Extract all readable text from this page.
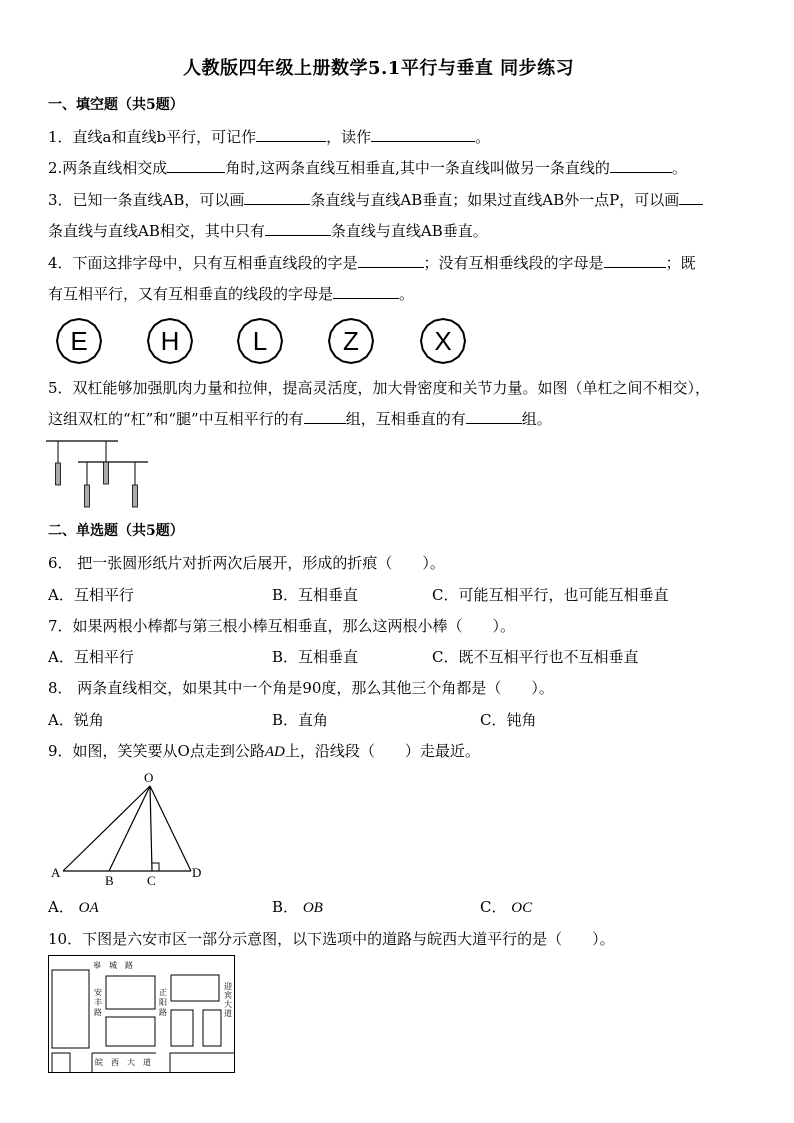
人教版四年级上册数学5.1平行与垂直 同步练习
一、填空题（共5题）
1．直线a和直线b平行，可记作	，读作	。
2.两条直线相交成	角时,这两条直线互相垂直,其中一条直线叫做另一条直线的	。
3．已知一条直线AB，可以画	条直线与直线AB垂直；如果过直线AB外一点P，可以画
条直线与直线AB相交，其中只有	条直线与直线AB垂直。
4．下面这排字母中，只有互相垂直线段的字是	；没有互相垂线段的字母是	；既
有互相平行，又有互相垂直的线段的字母是	。
E	H	L	Z	X
5．双杠能够加强肌肉力量和拉伸，提高灵活度，加大骨密度和关节力量。如图（单杠之间不相交），
这组双杠的“杠”和“腿”中互相平行的有	组，互相垂直的有	组。
二、单选题（共5题）
6． 把一张圆形纸片对折两次后展开，形成的折痕（　　）。
A．互相平行	B．互相垂直	C．可能互相平行，也可能互相垂直
7．如果两根小棒都与第三根小棒互相垂直，那么这两根小棒（　　）。
A．互相平行	B．互相垂直	C．既不互相平行也不互相垂直
8． 两条直线相交，如果其中一个角是90度，那么其他三个角都是（　　）。
A．锐角	B．直角	C．钝角
9．如图，笑笑要从O点走到公路AD上，沿线段（　　）走最近。
O
A
B	C
D
A． OA	B． OB	C． OC
10．下图是六安市区一部分示意图，以下选项中的道路与皖西大道平行的是（　　）。
皋　城　路
皖　西　大　道
安丰路
正阳路
迎宾大道
